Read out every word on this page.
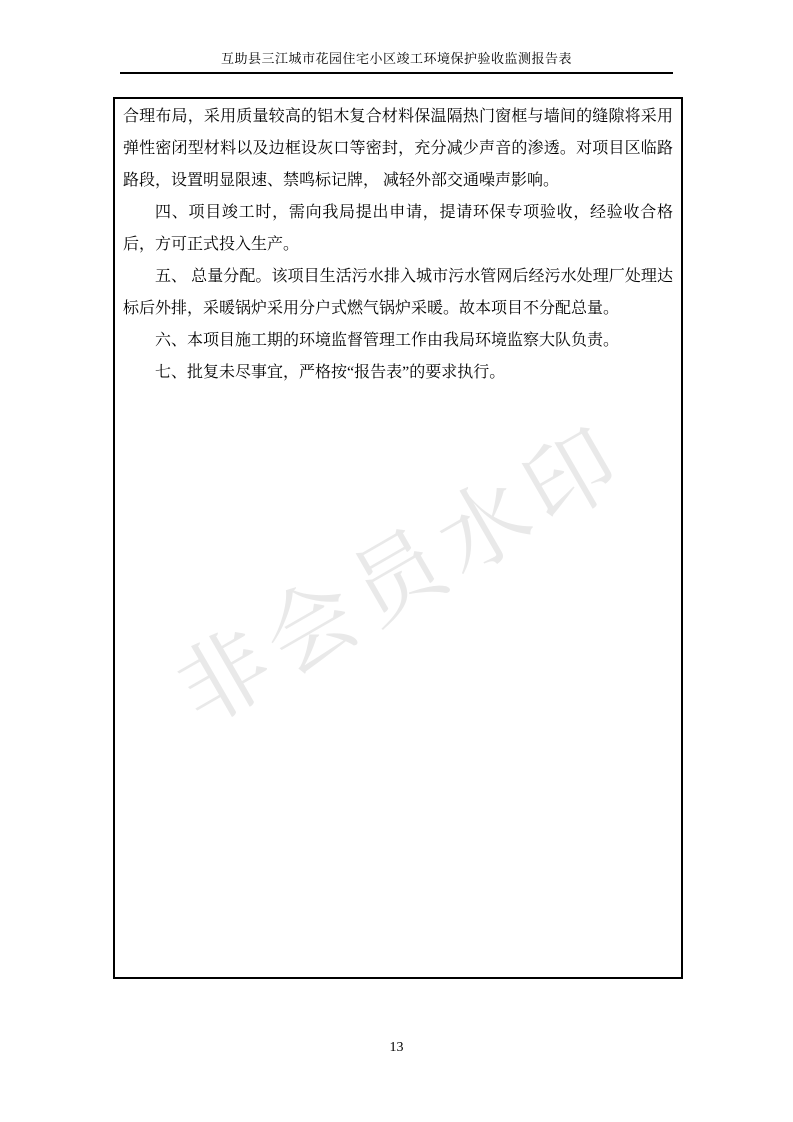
非会员水印
互助县三江城市花园住宅小区竣工环境保护验收监测报告表

合理布局，采用质量较高的铝木复合材料保温隔热门窗框与墙间的缝隙将采用弹性密闭型材料以及边框设灰口等密封，充分减少声音的渗透。对项目区临路路段，设置明显限速、禁鸣标记牌， 减轻外部交通噪声影响。

四、项目竣工时，需向我局提出申请，提请环保专项验收，经验收合格后，方可正式投入生产。

五、 总量分配。该项目生活污水排入城市污水管网后经污水处理厂处理达标后外排，采暖锅炉采用分户式燃气锅炉采暖。故本项目不分配总量。

六、本项目施工期的环境监督管理工作由我局环境监察大队负责。

七、批复未尽事宜，严格按“报告表”的要求执行。

13
